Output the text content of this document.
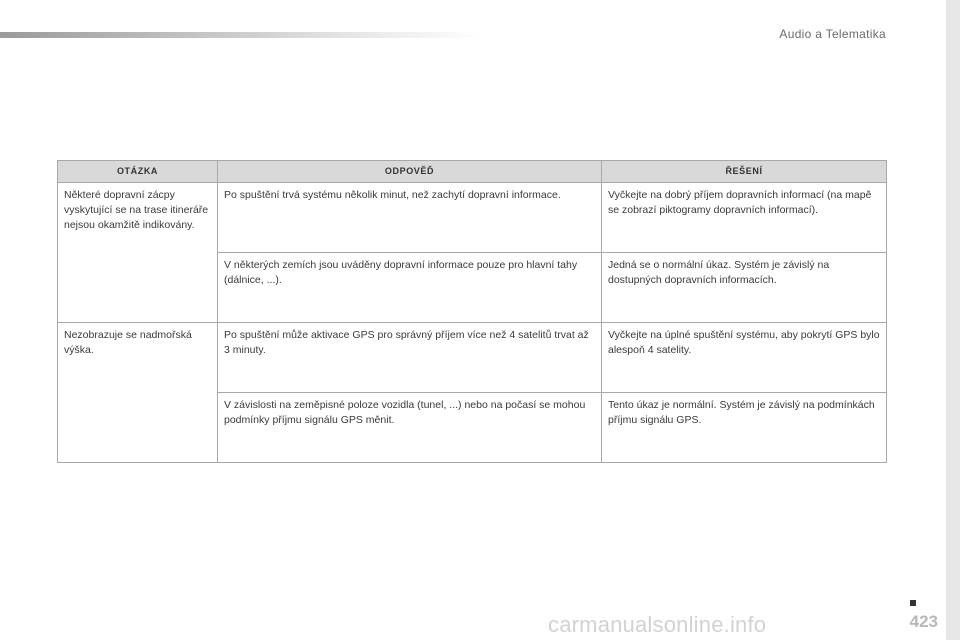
Audio a Telematika
OTÁZKA	ODPOVĚĎ	ŘEŠENÍ
Některé dopravní zácpy vyskytující se na trase itineráře nejsou okamžitě indikovány.	Po spuštění trvá systému několik minut, než zachytí dopravní informace.	Vyčkejte na dobrý příjem dopravních informací (na mapě se zobrazí piktogramy dopravních informací).
	V některých zemích jsou uváděny dopravní informace pouze pro hlavní tahy (dálnice, ...).	Jedná se o normální úkaz. Systém je závislý na dostupných dopravních informacích.
Nezobrazuje se nadmořská výška.	Po spuštění může aktivace GPS pro správný příjem více než 4 satelitů trvat až 3 minuty.	Vyčkejte na úplné spuštění systému, aby pokrytí GPS bylo alespoň 4 satelity.
	V závislosti na zeměpisné poloze vozidla (tunel, ...) nebo na počasí se mohou podmínky příjmu signálu GPS měnit.	Tento úkaz je normální. Systém je závislý na podmínkách příjmu signálu GPS.
423
carmanualsonline.info
